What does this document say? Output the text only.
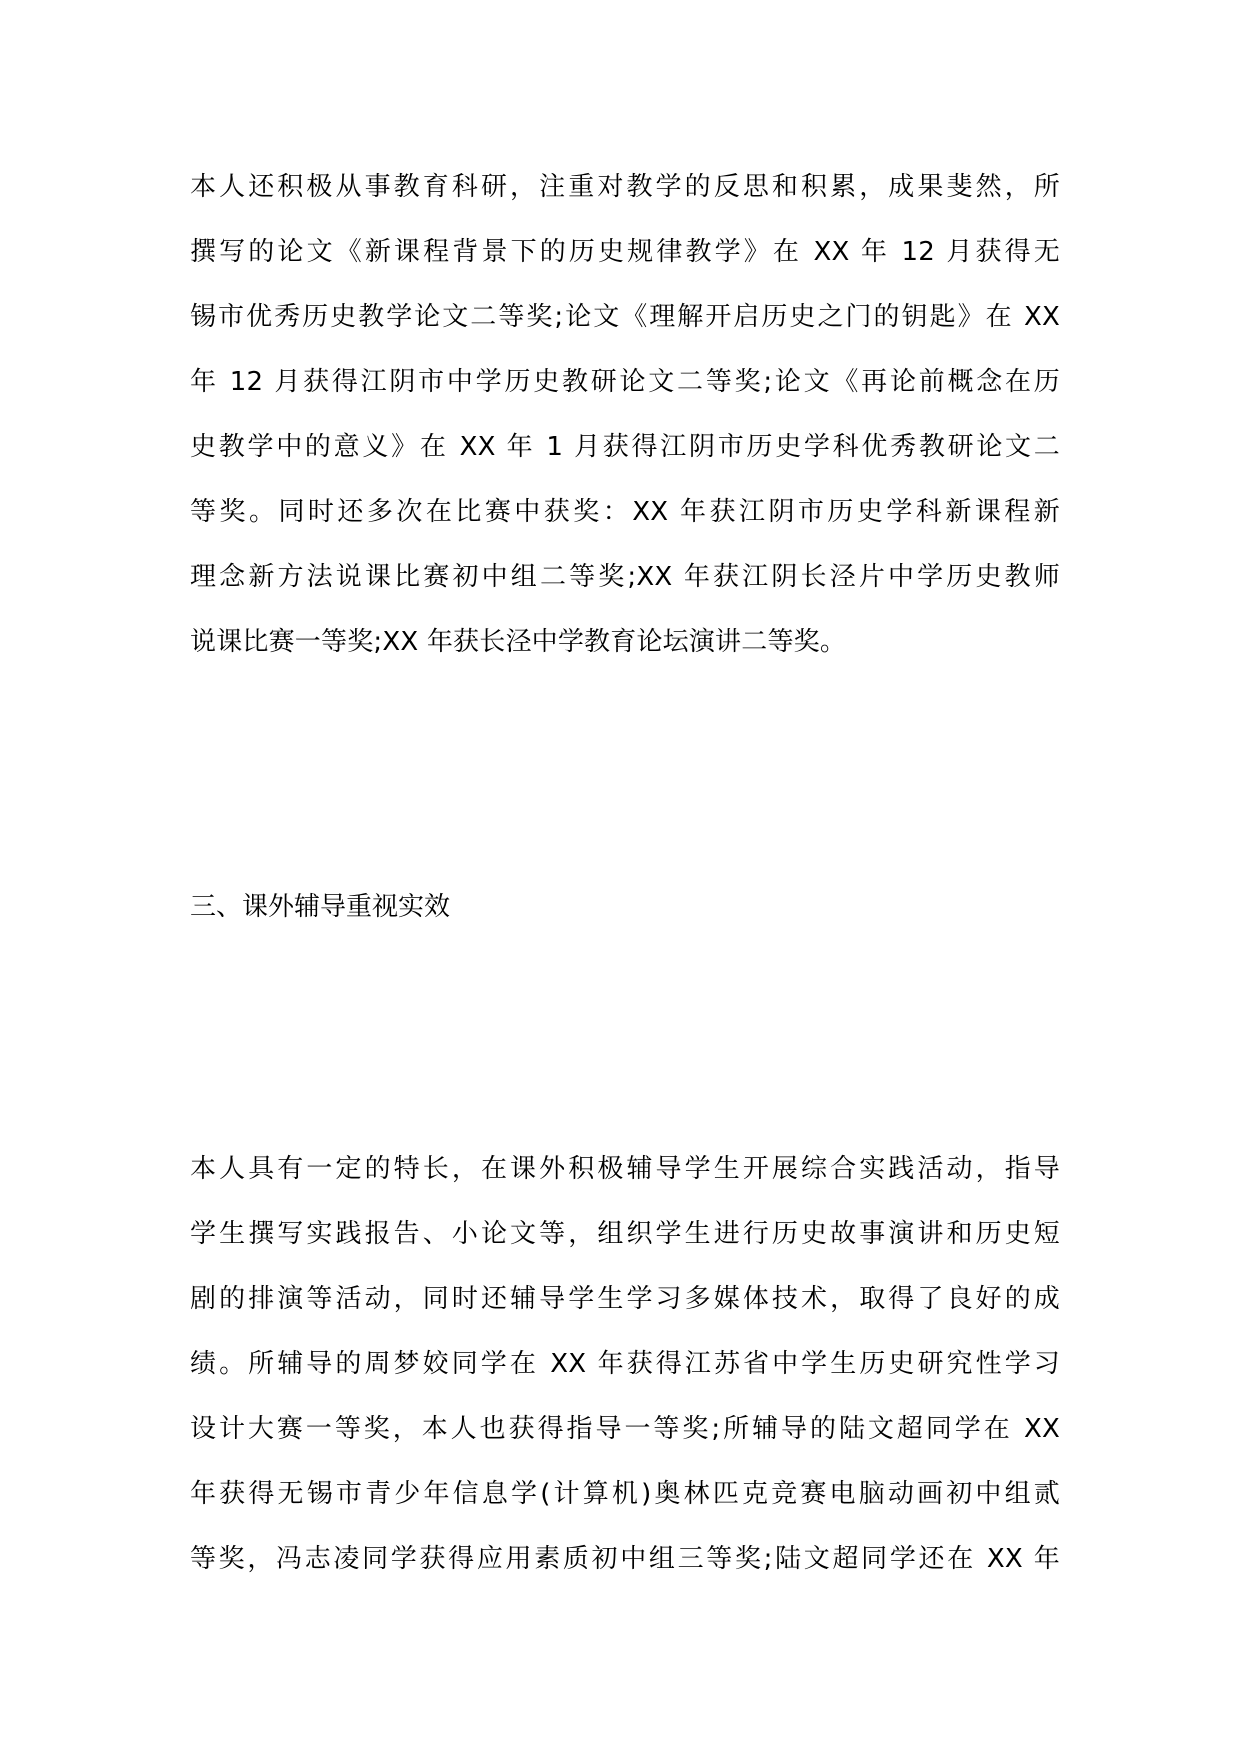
本人还积极从事教育科研，注重对教学的反思和积累，成果斐然，所
撰写的论文《新课程背景下的历史规律教学》在 XX 年 12 月获得无
锡市优秀历史教学论文二等奖;论文《理解开启历史之门的钥匙》在 XX
年 12 月获得江阴市中学历史教研论文二等奖;论文《再论前概念在历
史教学中的意义》在 XX 年 1 月获得江阴市历史学科优秀教研论文二
等奖。同时还多次在比赛中获奖：XX 年获江阴市历史学科新课程新
理念新方法说课比赛初中组二等奖;XX 年获江阴长泾片中学历史教师
说课比赛一等奖;XX 年获长泾中学教育论坛演讲二等奖。
三、课外辅导重视实效
本人具有一定的特长，在课外积极辅导学生开展综合实践活动，指导
学生撰写实践报告、小论文等，组织学生进行历史故事演讲和历史短
剧的排演等活动，同时还辅导学生学习多媒体技术，取得了良好的成
绩。所辅导的周梦姣同学在 XX 年获得江苏省中学生历史研究性学习
设计大赛一等奖，本人也获得指导一等奖;所辅导的陆文超同学在 XX
年获得无锡市青少年信息学(计算机)奥林匹克竞赛电脑动画初中组贰
等奖，冯志凌同学获得应用素质初中组三等奖;陆文超同学还在 XX 年
